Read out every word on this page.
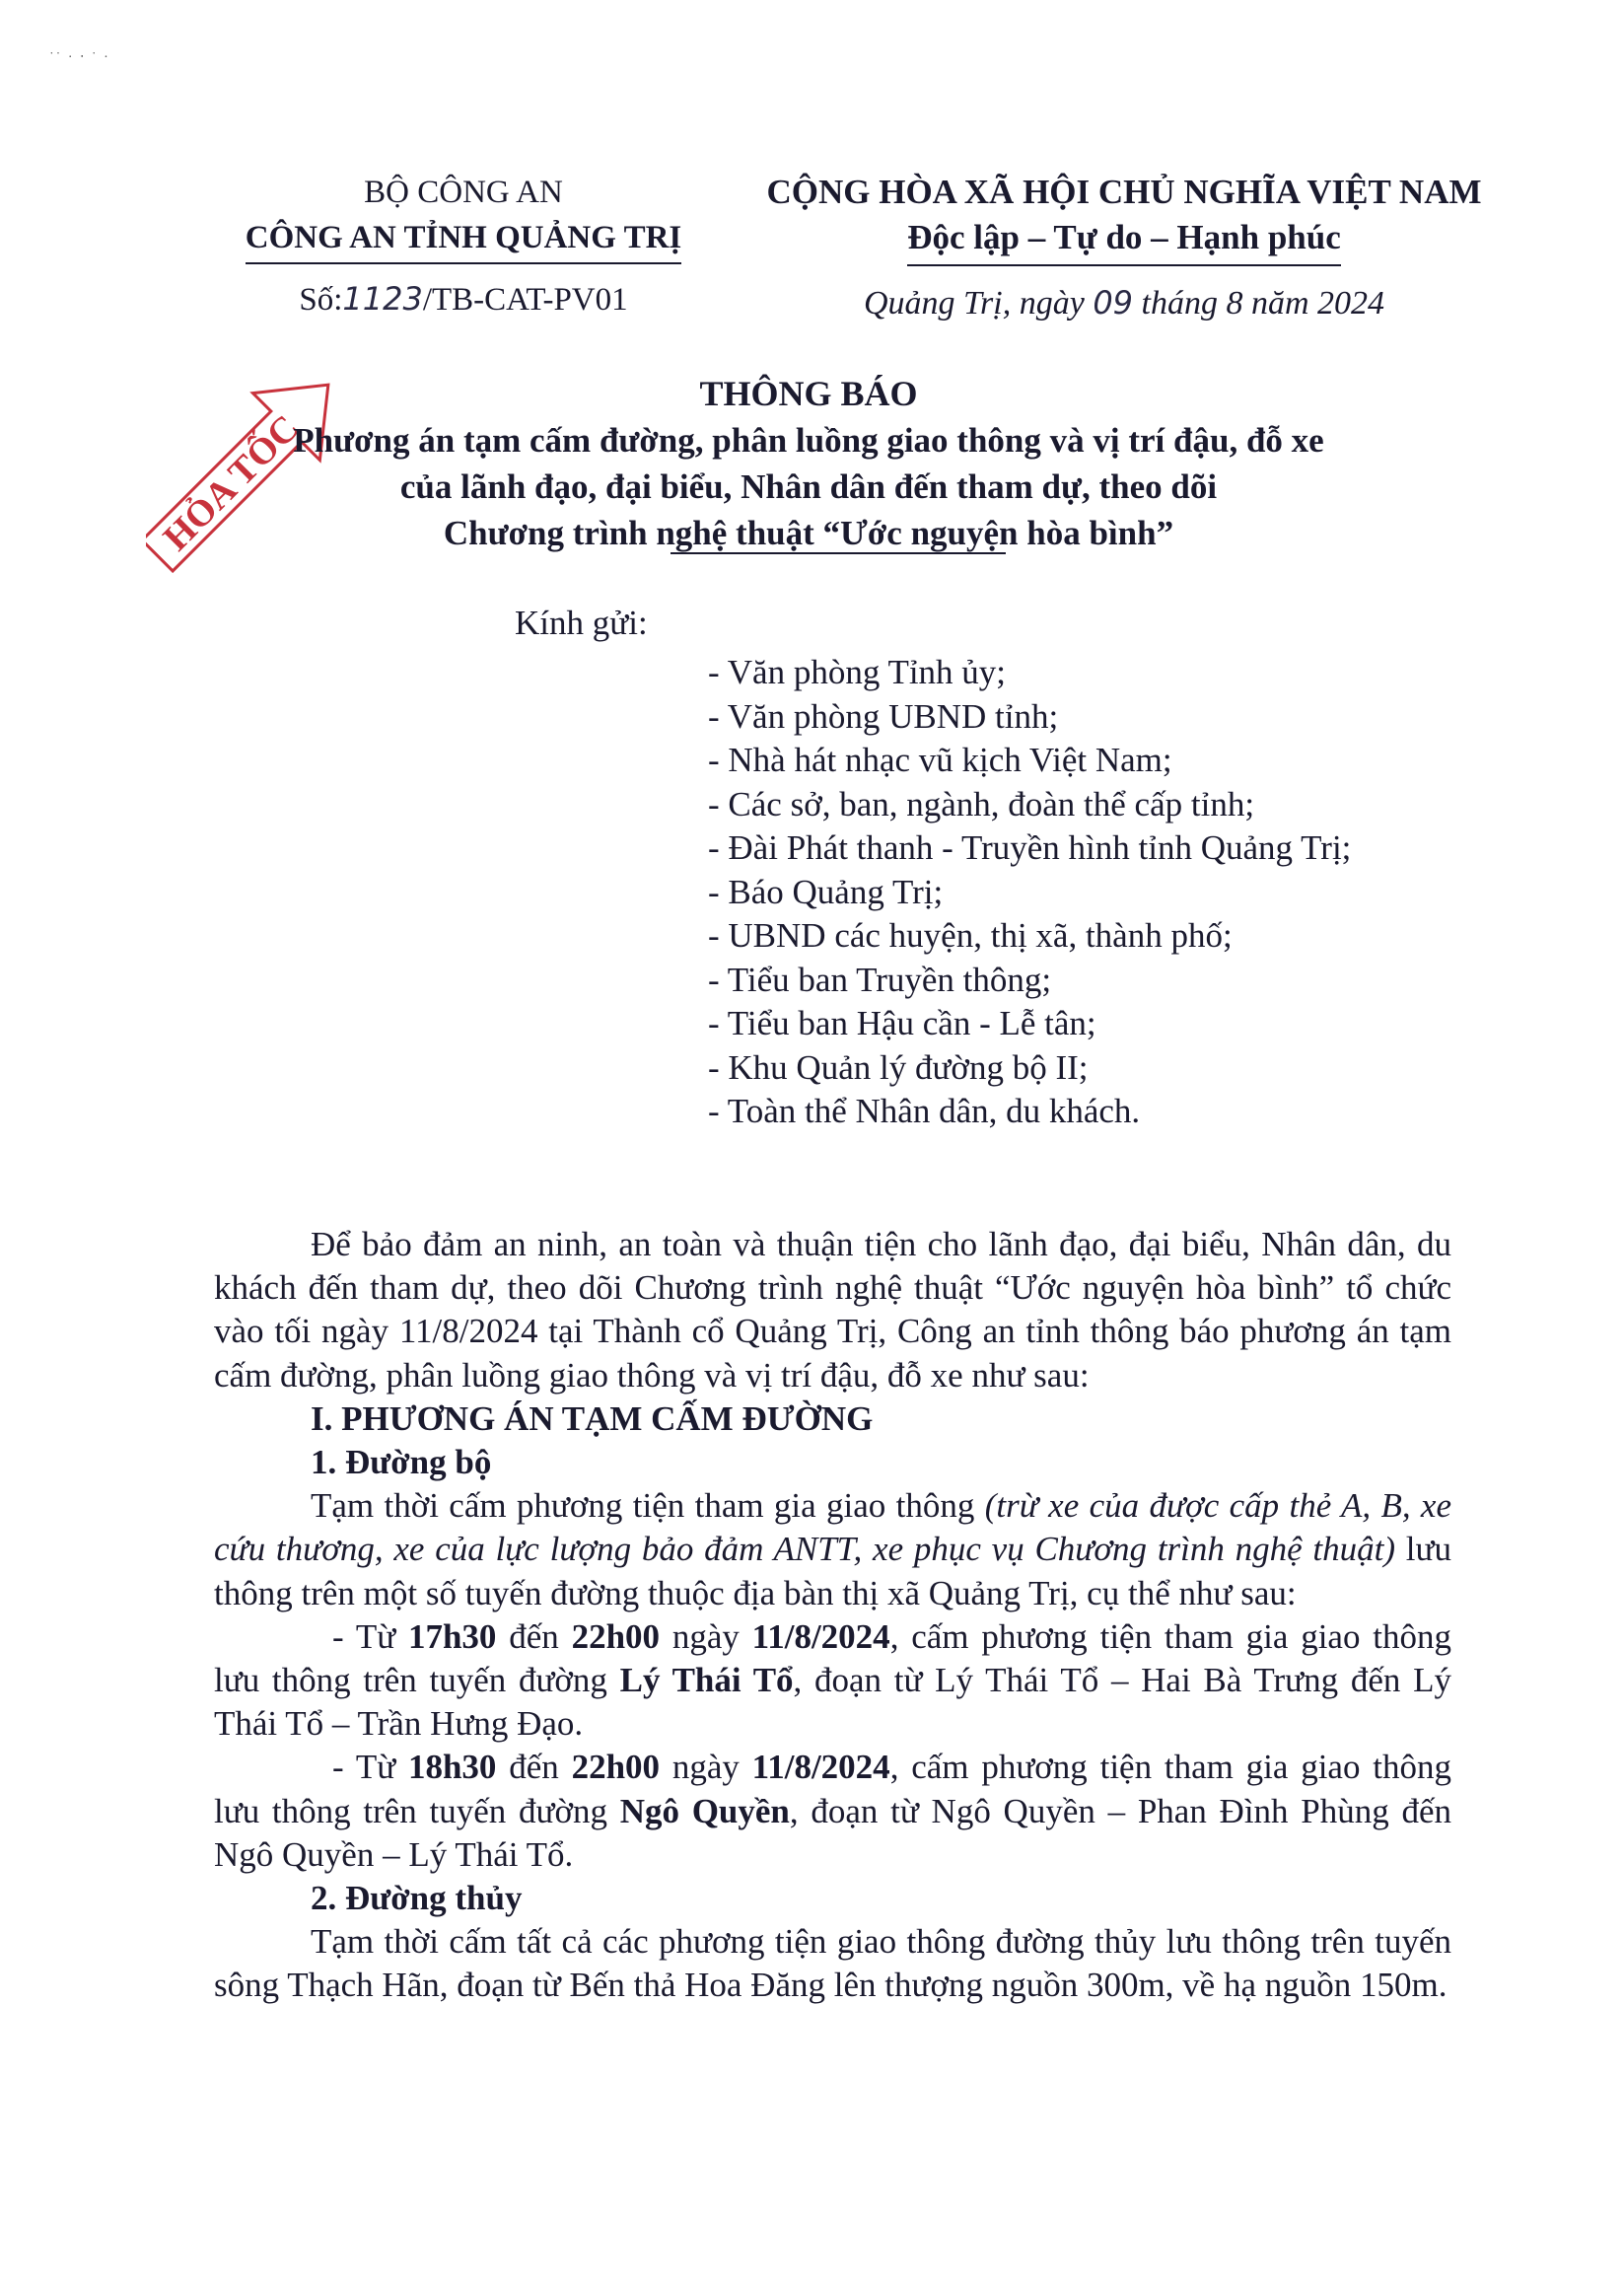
˙˙ · ‧ ˙ ·
BỘ CÔNG AN
CÔNG AN TỈNH QUẢNG TRỊ
Số:1123/TB-CAT-PV01
CỘNG HÒA XÃ HỘI CHỦ NGHĨA VIỆT NAM
Độc lập – Tự do – Hạnh phúc
Quảng Trị, ngày 09 tháng 8 năm 2024
HỎA TỐC
THÔNG BÁO
Phương án tạm cấm đường, phân luồng giao thông và vị trí đậu, đỗ xe
của lãnh đạo, đại biểu, Nhân dân đến tham dự, theo dõi
Chương trình nghệ thuật “Ước nguyện hòa bình”
Kính gửi:
- Văn phòng Tỉnh ủy;
- Văn phòng UBND tỉnh;
- Nhà hát nhạc vũ kịch Việt Nam;
- Các sở, ban, ngành, đoàn thể cấp tỉnh;
- Đài Phát thanh - Truyền hình tỉnh Quảng Trị;
- Báo Quảng Trị;
- UBND các huyện, thị xã, thành phố;
- Tiểu ban Truyền thông;
- Tiểu ban Hậu cần - Lễ tân;
- Khu Quản lý đường bộ II;
- Toàn thể Nhân dân, du khách.

Để bảo đảm an ninh, an toàn và thuận tiện cho lãnh đạo, đại biểu, Nhân dân, du khách đến tham dự, theo dõi Chương trình nghệ thuật “Ước nguyện hòa bình” tổ chức vào tối ngày 11/8/2024 tại Thành cổ Quảng Trị, Công an tỉnh thông báo phương án tạm cấm đường, phân luồng giao thông và vị trí đậu, đỗ xe như sau:

I. PHƯƠNG ÁN TẠM CẤM ĐƯỜNG

1. Đường bộ

Tạm thời cấm phương tiện tham gia giao thông (trừ xe của được cấp thẻ A, B, xe cứu thương, xe của lực lượng bảo đảm ANTT, xe phục vụ Chương trình nghệ thuật) lưu thông trên một số tuyến đường thuộc địa bàn thị xã Quảng Trị, cụ thể như sau:

- Từ 17h30 đến 22h00 ngày 11/8/2024, cấm phương tiện tham gia giao thông lưu thông trên tuyến đường Lý Thái Tổ, đoạn từ Lý Thái Tổ – Hai Bà Trưng đến Lý Thái Tổ – Trần Hưng Đạo.

- Từ 18h30 đến 22h00 ngày 11/8/2024, cấm phương tiện tham gia giao thông lưu thông trên tuyến đường Ngô Quyền, đoạn từ Ngô Quyền – Phan Đình Phùng đến Ngô Quyền – Lý Thái Tổ.

2. Đường thủy

Tạm thời cấm tất cả các phương tiện giao thông đường thủy lưu thông trên tuyến sông Thạch Hãn, đoạn từ Bến thả Hoa Đăng lên thượng nguồn 300m, về hạ nguồn 150m.
